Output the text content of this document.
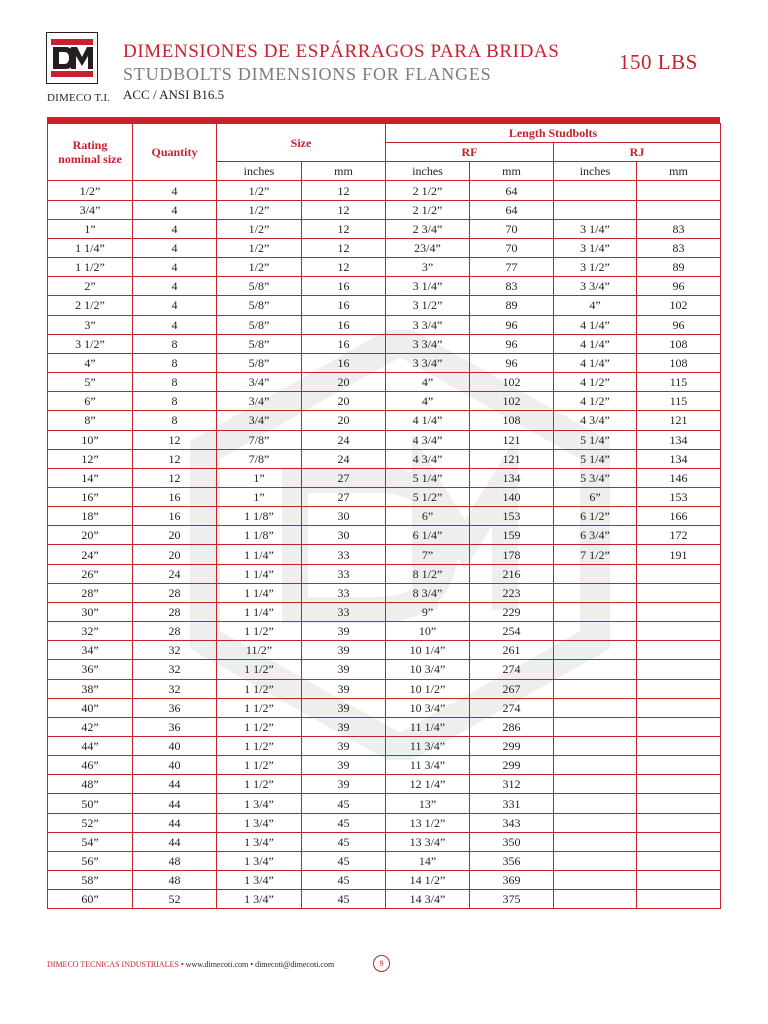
DIMECO T.I.
DIMENSIONES DE ESPÁRRAGOS PARA BRIDAS
STUDBOLTS DIMENSIONS FOR FLANGES
ACC / ANSI B16.5
150 LBS
Rating
nominal size	Quantity	Size		Length Studbolts			
				RF		RJ	
		inches	mm	inches	mm	inches	mm
1/2”	4	1/2”	12	2 1/2”	64		
3/4”	4	1/2”	12	2 1/2”	64		
1”	4	1/2”	12	2 3/4”	70	3 1/4”	83
1 1/4”	4	1/2”	12	23/4”	70	3 1/4”	83
1 1/2”	4	1/2”	12	3”	77	3 1/2”	89
2”	4	5/8”	16	3 1/4”	83	3 3/4”	96
2 1/2”	4	5/8”	16	3 1/2”	89	4”	102
3”	4	5/8”	16	3 3/4”	96	4 1/4”	96
3 1/2”	8	5/8”	16	3 3/4”	96	4 1/4”	108
4”	8	5/8”	16	3 3/4”	96	4 1/4”	108
5”	8	3/4”	20	4”	102	4 1/2”	115
6”	8	3/4”	20	4”	102	4 1/2”	115
8”	8	3/4”	20	4 1/4”	108	4 3/4”	121
10”	12	7/8”	24	4 3/4”	121	5 1/4”	134
12”	12	7/8”	24	4 3/4”	121	5 1/4”	134
14”	12	1”	27	5 1/4”	134	5 3/4”	146
16”	16	1”	27	5 1/2”	140	6”	153
18”	16	1 1/8”	30	6”	153	6 1/2”	166
20”	20	1 1/8”	30	6 1/4”	159	6 3/4”	172
24”	20	1 1/4”	33	7”	178	7 1/2”	191
26”	24	1 1/4”	33	8 1/2”	216		
28”	28	1 1/4”	33	8 3/4”	223		
30”	28	1 1/4”	33	9”	229		
32”	28	1 1/2”	39	10”	254		
34”	32	11/2”	39	10 1/4”	261		
36”	32	1 1/2”	39	10 3/4”	274		
38”	32	1 1/2”	39	10 1/2”	267		
40”	36	1 1/2”	39	10 3/4”	274		
42”	36	1 1/2”	39	11 1/4”	286		
44”	40	1 1/2”	39	11 3/4”	299		
46”	40	1 1/2”	39	11 3/4”	299		
48”	44	1 1/2”	39	12 1/4”	312		
50”	44	1 3/4”	45	13”	331		
52”	44	1 3/4”	45	13 1/2”	343		
54”	44	1 3/4”	45	13 3/4”	350		
56”	48	1 3/4”	45	14”	356		
58”	48	1 3/4”	45	14 1/2”	369		
60”	52	1 3/4”	45	14 3/4”	375		
DIMECO TECNICAS INDUSTRIALES • www.dimecoti.com • dimecoti@dimecoti.com	9
